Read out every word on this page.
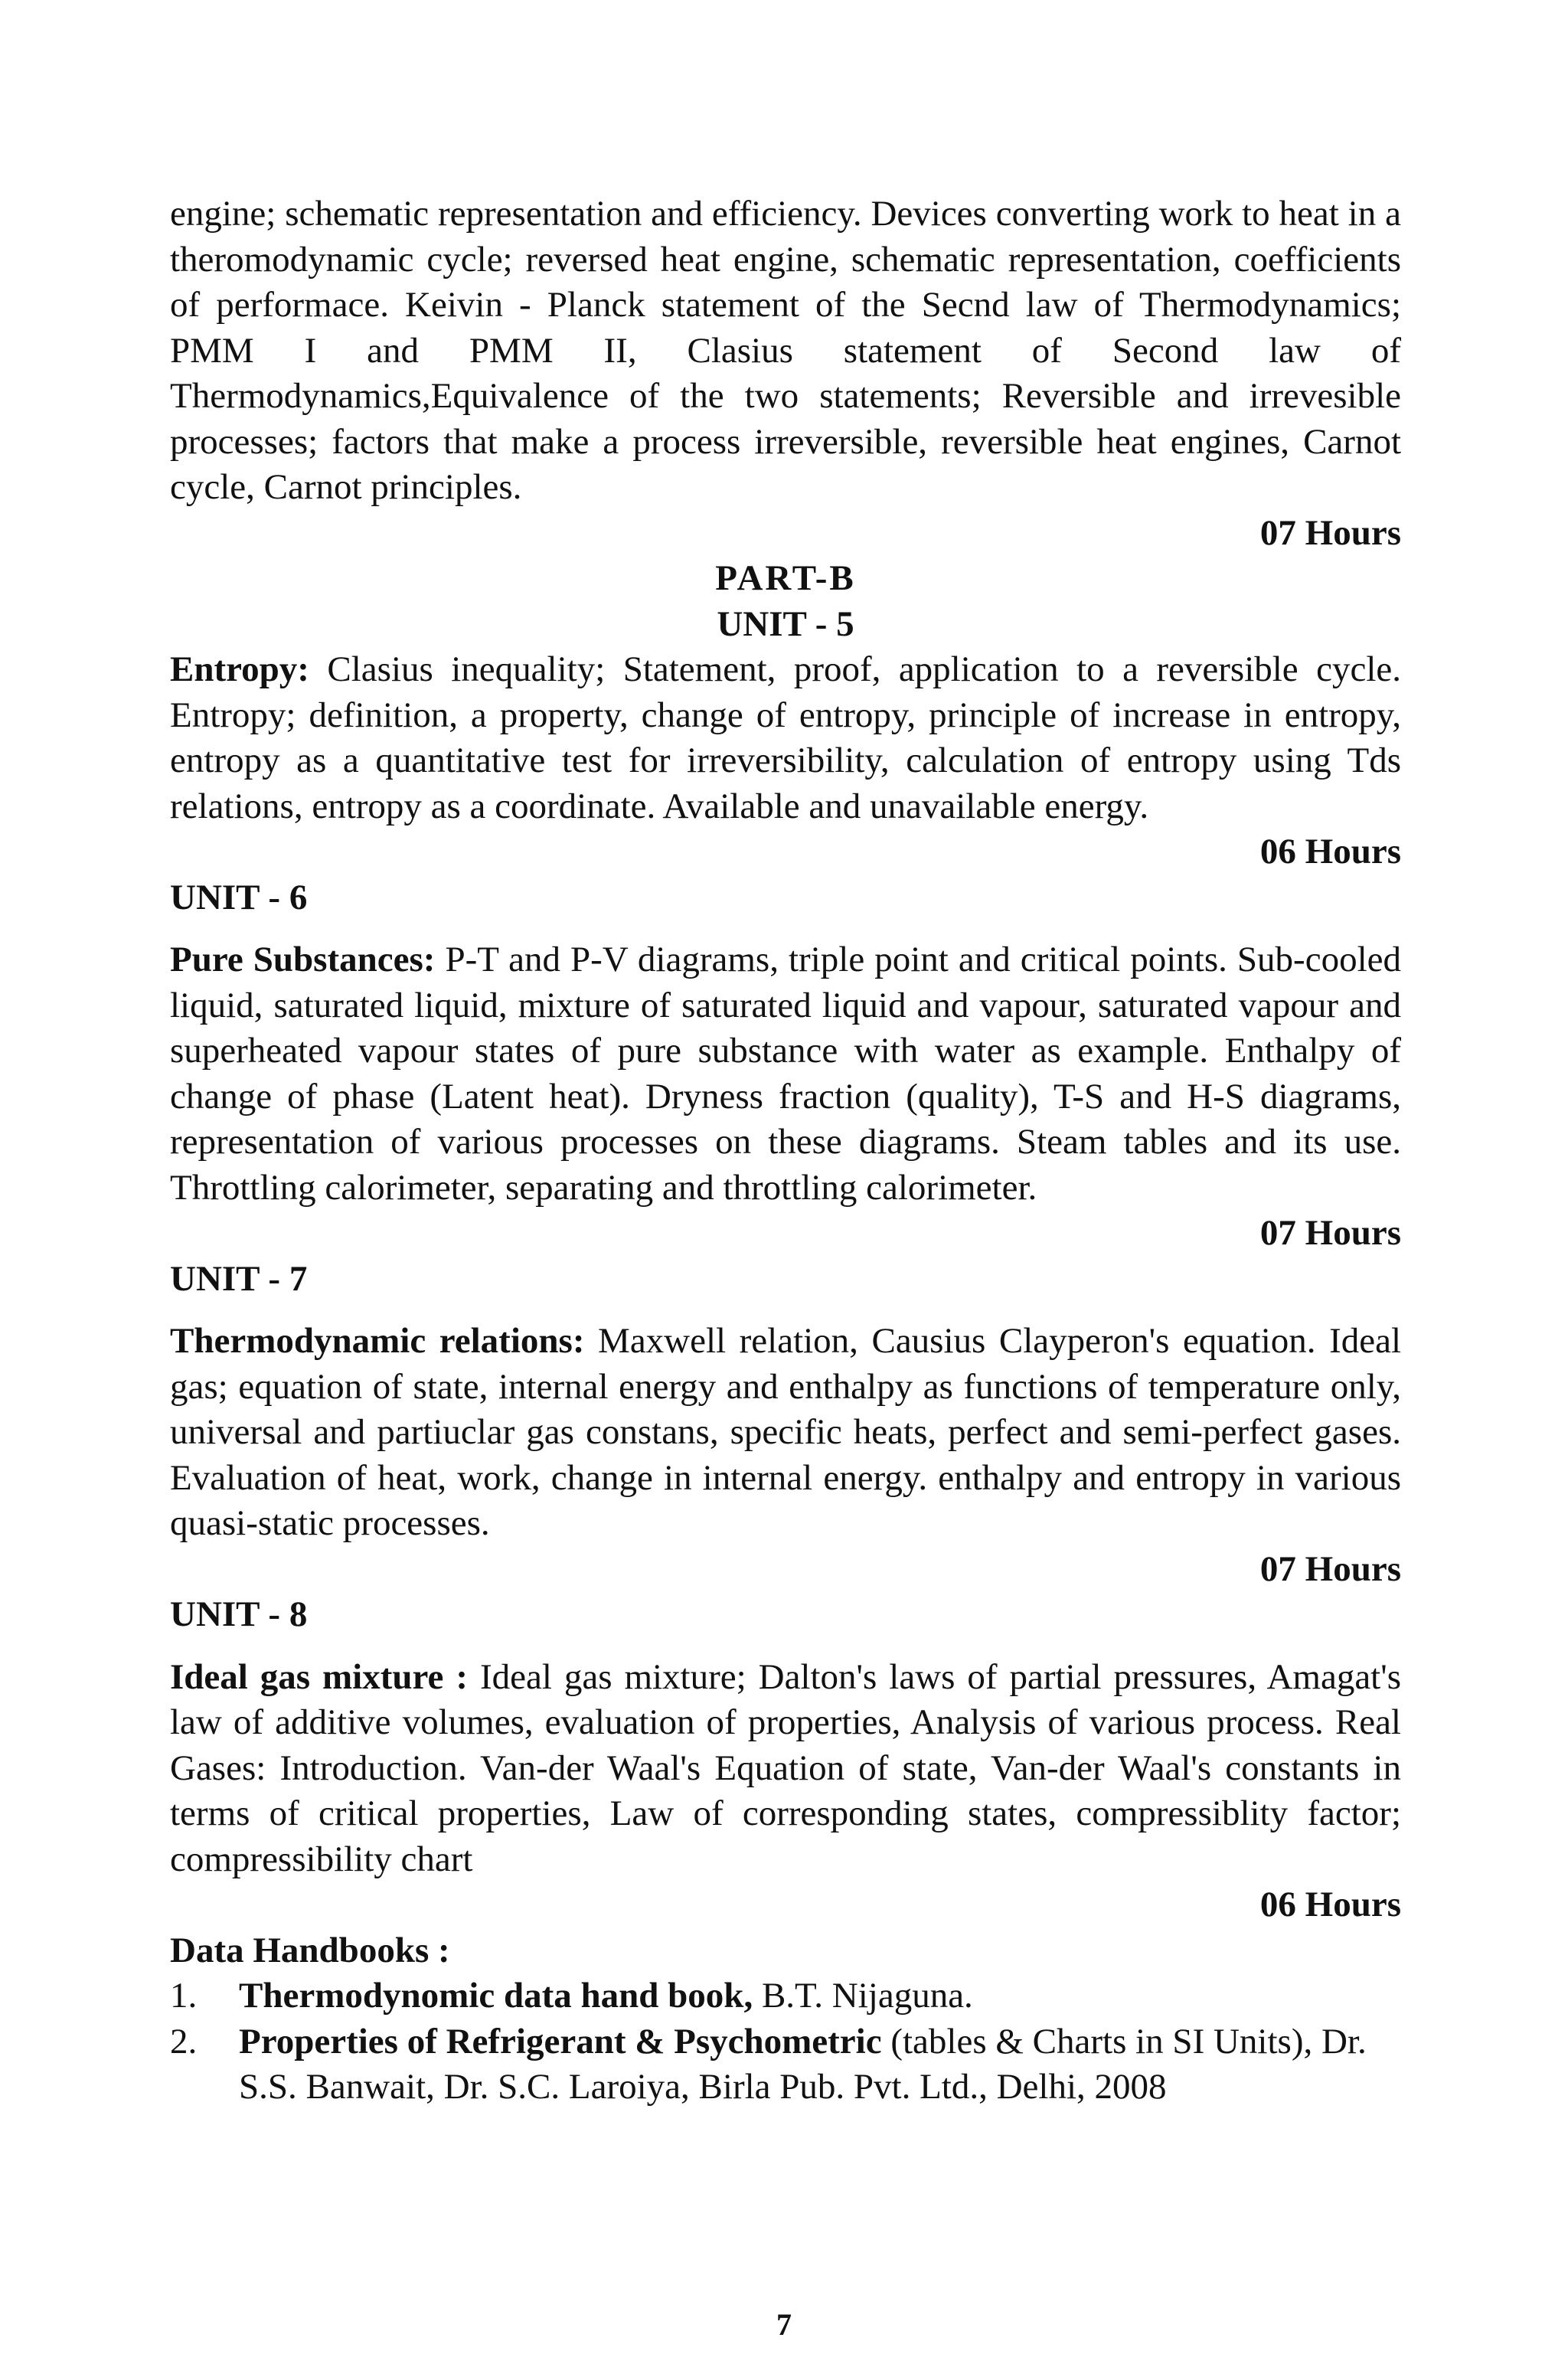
engine; schematic representation and efficiency. Devices converting work to heat in a theromodynamic cycle; reversed heat engine, schematic representation, coefficients of performace. Keivin - Planck statement of the Secnd law of Thermodynamics; PMM I and PMM II, Clasius statement of Second law of Thermodynamics,Equivalence of the two statements; Reversible and irrevesible processes; factors that make a process irreversible, reversible heat engines, Carnot cycle, Carnot principles.

07 Hours

PART-B

UNIT - 5

Entropy: Clasius inequality; Statement, proof, application to a reversible cycle. Entropy; definition, a property, change of entropy, principle of increase in entropy, entropy as a quantitative test for irreversibility, calculation of entropy using Tds relations, entropy as a coordinate. Available and unavailable energy.

06 Hours

UNIT - 6

Pure Substances: P-T and P-V diagrams, triple point and critical points. Sub-cooled liquid, saturated liquid, mixture of saturated liquid and vapour, saturated vapour and superheated vapour states of pure substance with water as example. Enthalpy of change of phase (Latent heat). Dryness fraction (quality), T-S and H-S diagrams, representation of various processes on these diagrams. Steam tables and its use. Throttling calorimeter, separating and throttling calorimeter.

07 Hours

UNIT - 7

Thermodynamic relations: Maxwell relation, Causius Clayperon's equation. Ideal gas; equation of state, internal energy and enthalpy as functions of temperature only, universal and partiuclar gas constans, specific heats, perfect and semi-perfect gases. Evaluation of heat, work, change in internal energy. enthalpy and entropy in various quasi-static processes.

07 Hours

UNIT - 8

Ideal gas mixture : Ideal gas mixture; Dalton's laws of partial pressures, Amagat's law of additive volumes, evaluation of properties, Analysis of various process. Real Gases: Introduction. Van-der Waal's Equation of state, Van-der Waal's constants in terms of critical properties, Law of corresponding states, compressiblity factor; compressibility chart

06 Hours

Data Handbooks :

1.	Thermodynomic data hand book, B.T. Nijaguna.
2.	Properties of Refrigerant & Psychometric (tables & Charts in SI Units), Dr. S.S. Banwait, Dr. S.C. Laroiya, Birla Pub. Pvt. Ltd., Delhi, 2008
7
